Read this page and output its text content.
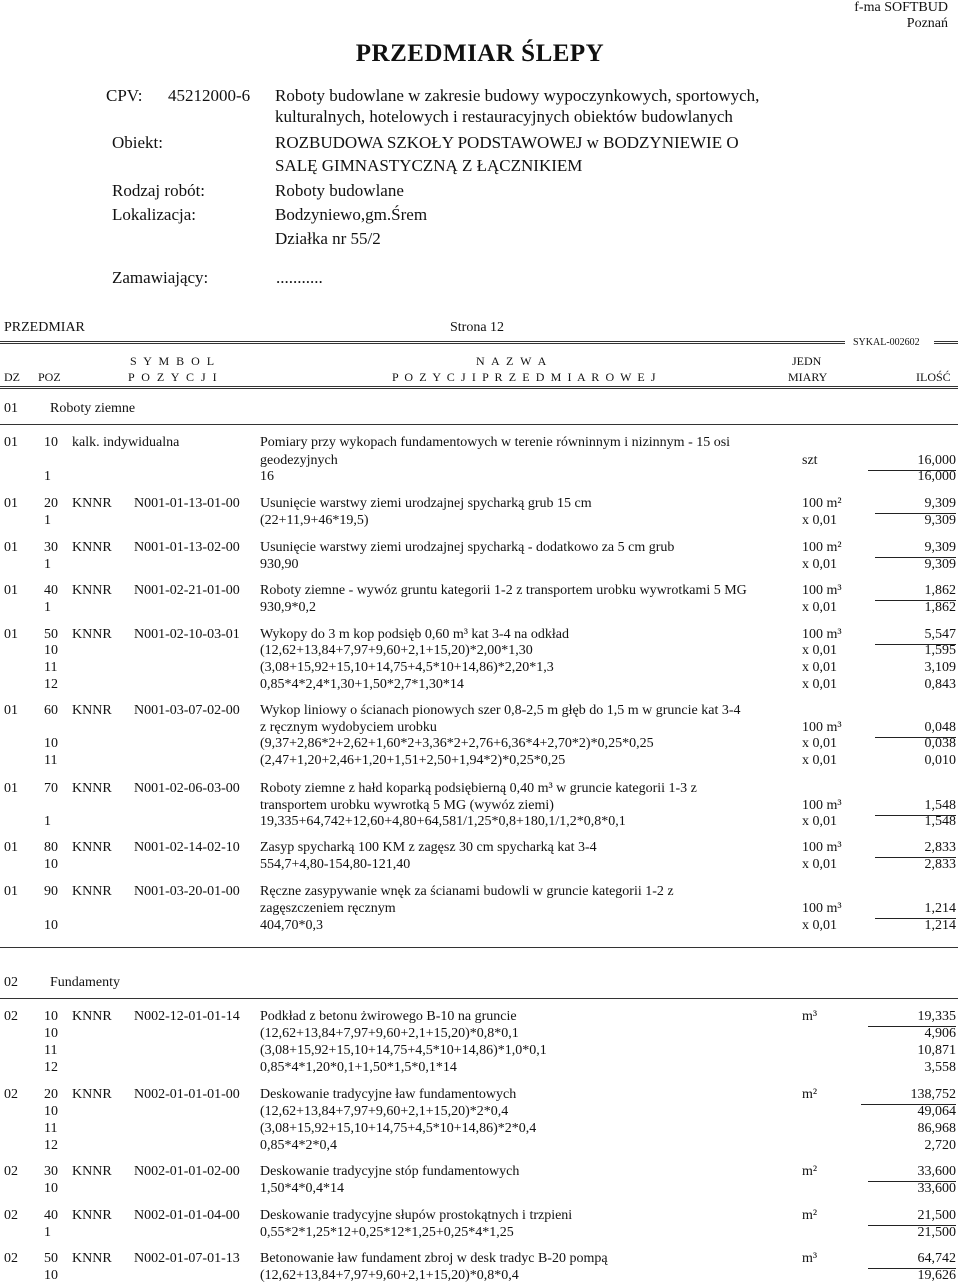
f-ma SOFTBUD
Poznań
PRZEDMIAR ŚLEPY
CPV: 45212000-6 Roboty budowlane w zakresie budowy wypoczynkowych, sportowych,
kulturalnych, hotelowych i restauracyjnych obiektów budowlanych
Obiekt:	ROZBUDOWA SZKOŁY PODSTAWOWEJ w BODZYNIEWIE O
SALĘ GIMNASTYCZNĄ Z ŁĄCZNIKIEM
Rodzaj robót:	Roboty budowlane
Lokalizacja:	Bodzyniewo,gm.Śrem
Działka nr 55/2
Zamawiający:	...........
PRZEDMIAR	Strona 12
SYKAL-002602
S Y M B O L	N A Z W A	JEDN
DZ POZ	P O Z Y C J I	P O Z Y C J I P R Z E D M I A R O W E J	MIARY	ILOŚĆ
01 Roboty ziemne
01 10 kalk. indywidualna	Pomiary przy wykopach fundamentowych w terenie równinnym i nizinnym - 15 osi
geodezyjnych	szt	16,000
1	16	16,000
01 20 KNNR N001-01-13-01-00 Usunięcie warstwy ziemi urodzajnej spycharką grub 15 cm	100 m²	9,309
1	(22+11,9+46*19,5)	x 0,01	9,309
01 30 KNNR N001-01-13-02-00 Usunięcie warstwy ziemi urodzajnej spycharką - dodatkowo za 5 cm grub	100 m²	9,309
1	930,90	x 0,01	9,309
01 40 KNNR N001-02-21-01-00 Roboty ziemne - wywóz gruntu kategorii 1-2 z transportem urobku wywrotkami 5 MG	100 m³	1,862
1	930,9*0,2	x 0,01	1,862
01 50 KNNR N001-02-10-03-01 Wykopy do 3 m kop podsięb 0,60 m³ kat 3-4 na odkład	100 m³	5,547
10	(12,62+13,84+7,97+9,60+2,1+15,20)*2,00*1,30	x 0,01	1,595
11	(3,08+15,92+15,10+14,75+4,5*10+14,86)*2,20*1,3	x 0,01	3,109
12	0,85*4*2,4*1,30+1,50*2,7*1,30*14	x 0,01	0,843
01 60 KNNR N001-03-07-02-00 Wykop liniowy o ścianach pionowych szer 0,8-2,5 m głęb do 1,5 m w gruncie kat 3-4
z ręcznym wydobyciem urobku	100 m³	0,048
10	(9,37+2,86*2+2,62+1,60*2+3,36*2+2,76+6,36*4+2,70*2)*0,25*0,25	x 0,01	0,038
11	(2,47+1,20+2,46+1,20+1,51+2,50+1,94*2)*0,25*0,25	x 0,01	0,010
01 70 KNNR N001-02-06-03-00 Roboty ziemne z hałd koparką podsiębierną 0,40 m³ w gruncie kategorii 1-3 z
transportem urobku wywrotką 5 MG (wywóz ziemi)	100 m³	1,548
1	19,335+64,742+12,60+4,80+64,581/1,25*0,8+180,1/1,2*0,8*0,1	x 0,01	1,548
01 80 KNNR N001-02-14-02-10 Zasyp spycharką 100 KM z zagęsz 30 cm spycharką kat 3-4	100 m³	2,833
10	554,7+4,80-154,80-121,40	x 0,01	2,833
01 90 KNNR N001-03-20-01-00 Ręczne zasypywanie wnęk za ścianami budowli w gruncie kategorii 1-2 z
zagęszczeniem ręcznym	100 m³	1,214
10	404,70*0,3	x 0,01	1,214
02 Fundamenty
02 10 KNNR N002-12-01-01-14 Podkład z betonu żwirowego B-10 na gruncie	m³	19,335
10	(12,62+13,84+7,97+9,60+2,1+15,20)*0,8*0,1	4,906
11	(3,08+15,92+15,10+14,75+4,5*10+14,86)*1,0*0,1	10,871
12	0,85*4*1,20*0,1+1,50*1,5*0,1*14	3,558
02 20 KNNR N002-01-01-01-00 Deskowanie tradycyjne ław fundamentowych	m²	138,752
10	(12,62+13,84+7,97+9,60+2,1+15,20)*2*0,4	49,064
11	(3,08+15,92+15,10+14,75+4,5*10+14,86)*2*0,4	86,968
12	0,85*4*2*0,4	2,720
02 30 KNNR N002-01-01-02-00 Deskowanie tradycyjne stóp fundamentowych	m²	33,600
10	1,50*4*0,4*14	33,600
02 40 KNNR N002-01-01-04-00 Deskowanie tradycyjne słupów prostokątnych i trzpieni	m²	21,500
1	0,55*2*1,25*12+0,25*12*1,25+0,25*4*1,25	21,500
02 50 KNNR N002-01-07-01-13 Betonowanie ław fundament zbroj w desk tradyc B-20 pompą	m³	64,742
10	(12,62+13,84+7,97+9,60+2,1+15,20)*0,8*0,4	19,626
